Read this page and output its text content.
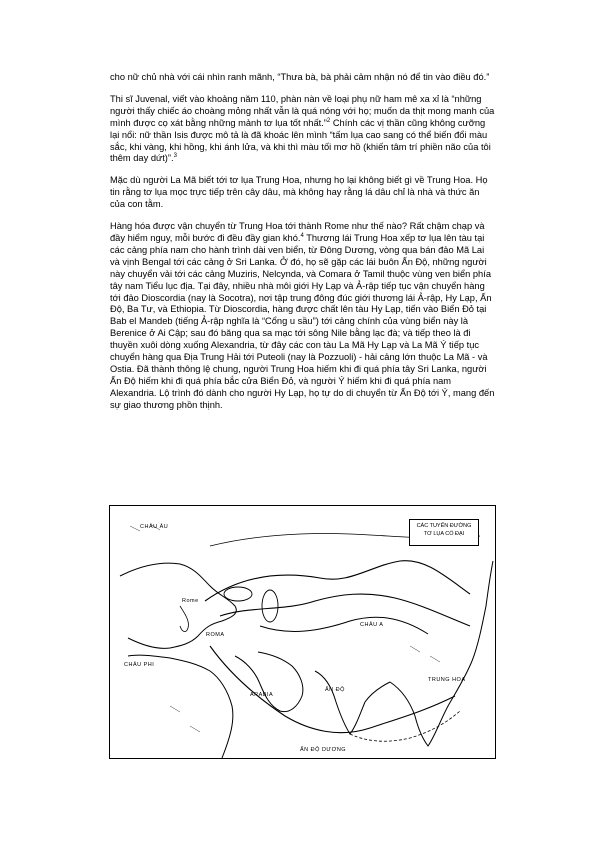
cho nữ chủ nhà với cái nhìn ranh mãnh, “Thưa bà, bà phải cảm nhận nó để tin vào điều đó.”

Thi sĩ Juvenal, viết vào khoảng năm 110, phàn nàn về loại phụ nữ ham mê xa xỉ là “những người thấy chiếc áo choàng mỏng nhất vẫn là quá nóng với họ; muốn da thịt mong manh của mình được cọ xát bằng những mảnh tơ lụa tốt nhất.”$^2$ Chính các vị thần cũng không cưỡng lại nổi: nữ thần Isis được mô tả là đã khoác lên mình “tấm lụa cao sang có thể biến đổi màu sắc, khi vàng, khi hồng, khi ánh lửa, và khi thì màu tối mơ hồ (khiến tâm trí phiền não của tôi thêm day dứt)”.$^3$

Mặc dù người La Mã biết tới tơ lụa Trung Hoa, nhưng họ lại không biết gì về Trung Hoa. Họ tin rằng tơ lụa mọc trực tiếp trên cây dâu, mà không hay rằng lá dâu chỉ là nhà và thức ăn của con tằm.

Hàng hóa được vận chuyển từ Trung Hoa tới thành Rome như thế nào? Rất chậm chạp và đầy hiểm nguy, mỗi bước đi đều đầy gian khó.$^4$ Thương lái Trung Hoa xếp tơ lụa lên tàu tại các cảng phía nam cho hành trình dài ven biển, từ Đông Dương, vòng qua bán đảo Mã Lai và vịnh Bengal tới các cảng ở Sri Lanka. Ở đó, họ sẽ gặp các lái buôn Ấn Độ, những người này chuyển vải tới các cảng Muziris, Nelcynda, và Comara ở Tamil thuộc vùng ven biển phía tây nam Tiểu lục địa. Tại đây, nhiều nhà môi giới Hy Lạp và Ả-rập tiếp tục vận chuyển hàng tới đảo Dioscordia (nay là Socotra), nơi tập trung đông đúc giới thương lái Ả-rập, Hy Lạp, Ấn Độ, Ba Tư, và Ethiopia. Từ Dioscordia, hàng được chất lên tàu Hy Lạp, tiến vào Biển Đỏ tại Bab el Mandeb (tiếng Ả-rập nghĩa là “Cổng u sầu”) tới cảng chính của vùng biển này là Berenice ở Ai Cập; sau đó băng qua sa mạc tới sông Nile bằng lạc đà; và tiếp theo là đi thuyền xuôi dòng xuống Alexandria, từ đây các con tàu La Mã Hy Lạp và La Mã Ý tiếp tục chuyển hàng qua Địa Trung Hải tới Puteoli (nay là Pozzuoli) - hải cảng lớn thuộc La Mã - và Ostia. Đã thành thông lệ chung, người Trung Hoa hiếm khi đi quá phía tây Sri Lanka, người Ấn Độ hiếm khi đi quá phía bắc cửa Biển Đỏ, và người Ý hiếm khi đi quá phía nam Alexandria. Lộ trình đó dành cho người Hy Lạp, họ tự do di chuyển từ Ấn Độ tới Ý, mang đến sự giao thương phồn thịnh.

CHÂU ÂU
CHÂU PHI
CHÂU A
ẤN ĐỘ DƯƠNG
Rome
ROMA
ARABIA
ẤN ĐỘ
TRUNG HOA
CÁC TUYẾN ĐƯỜNG
TƠ LỤA CỔ ĐẠI
